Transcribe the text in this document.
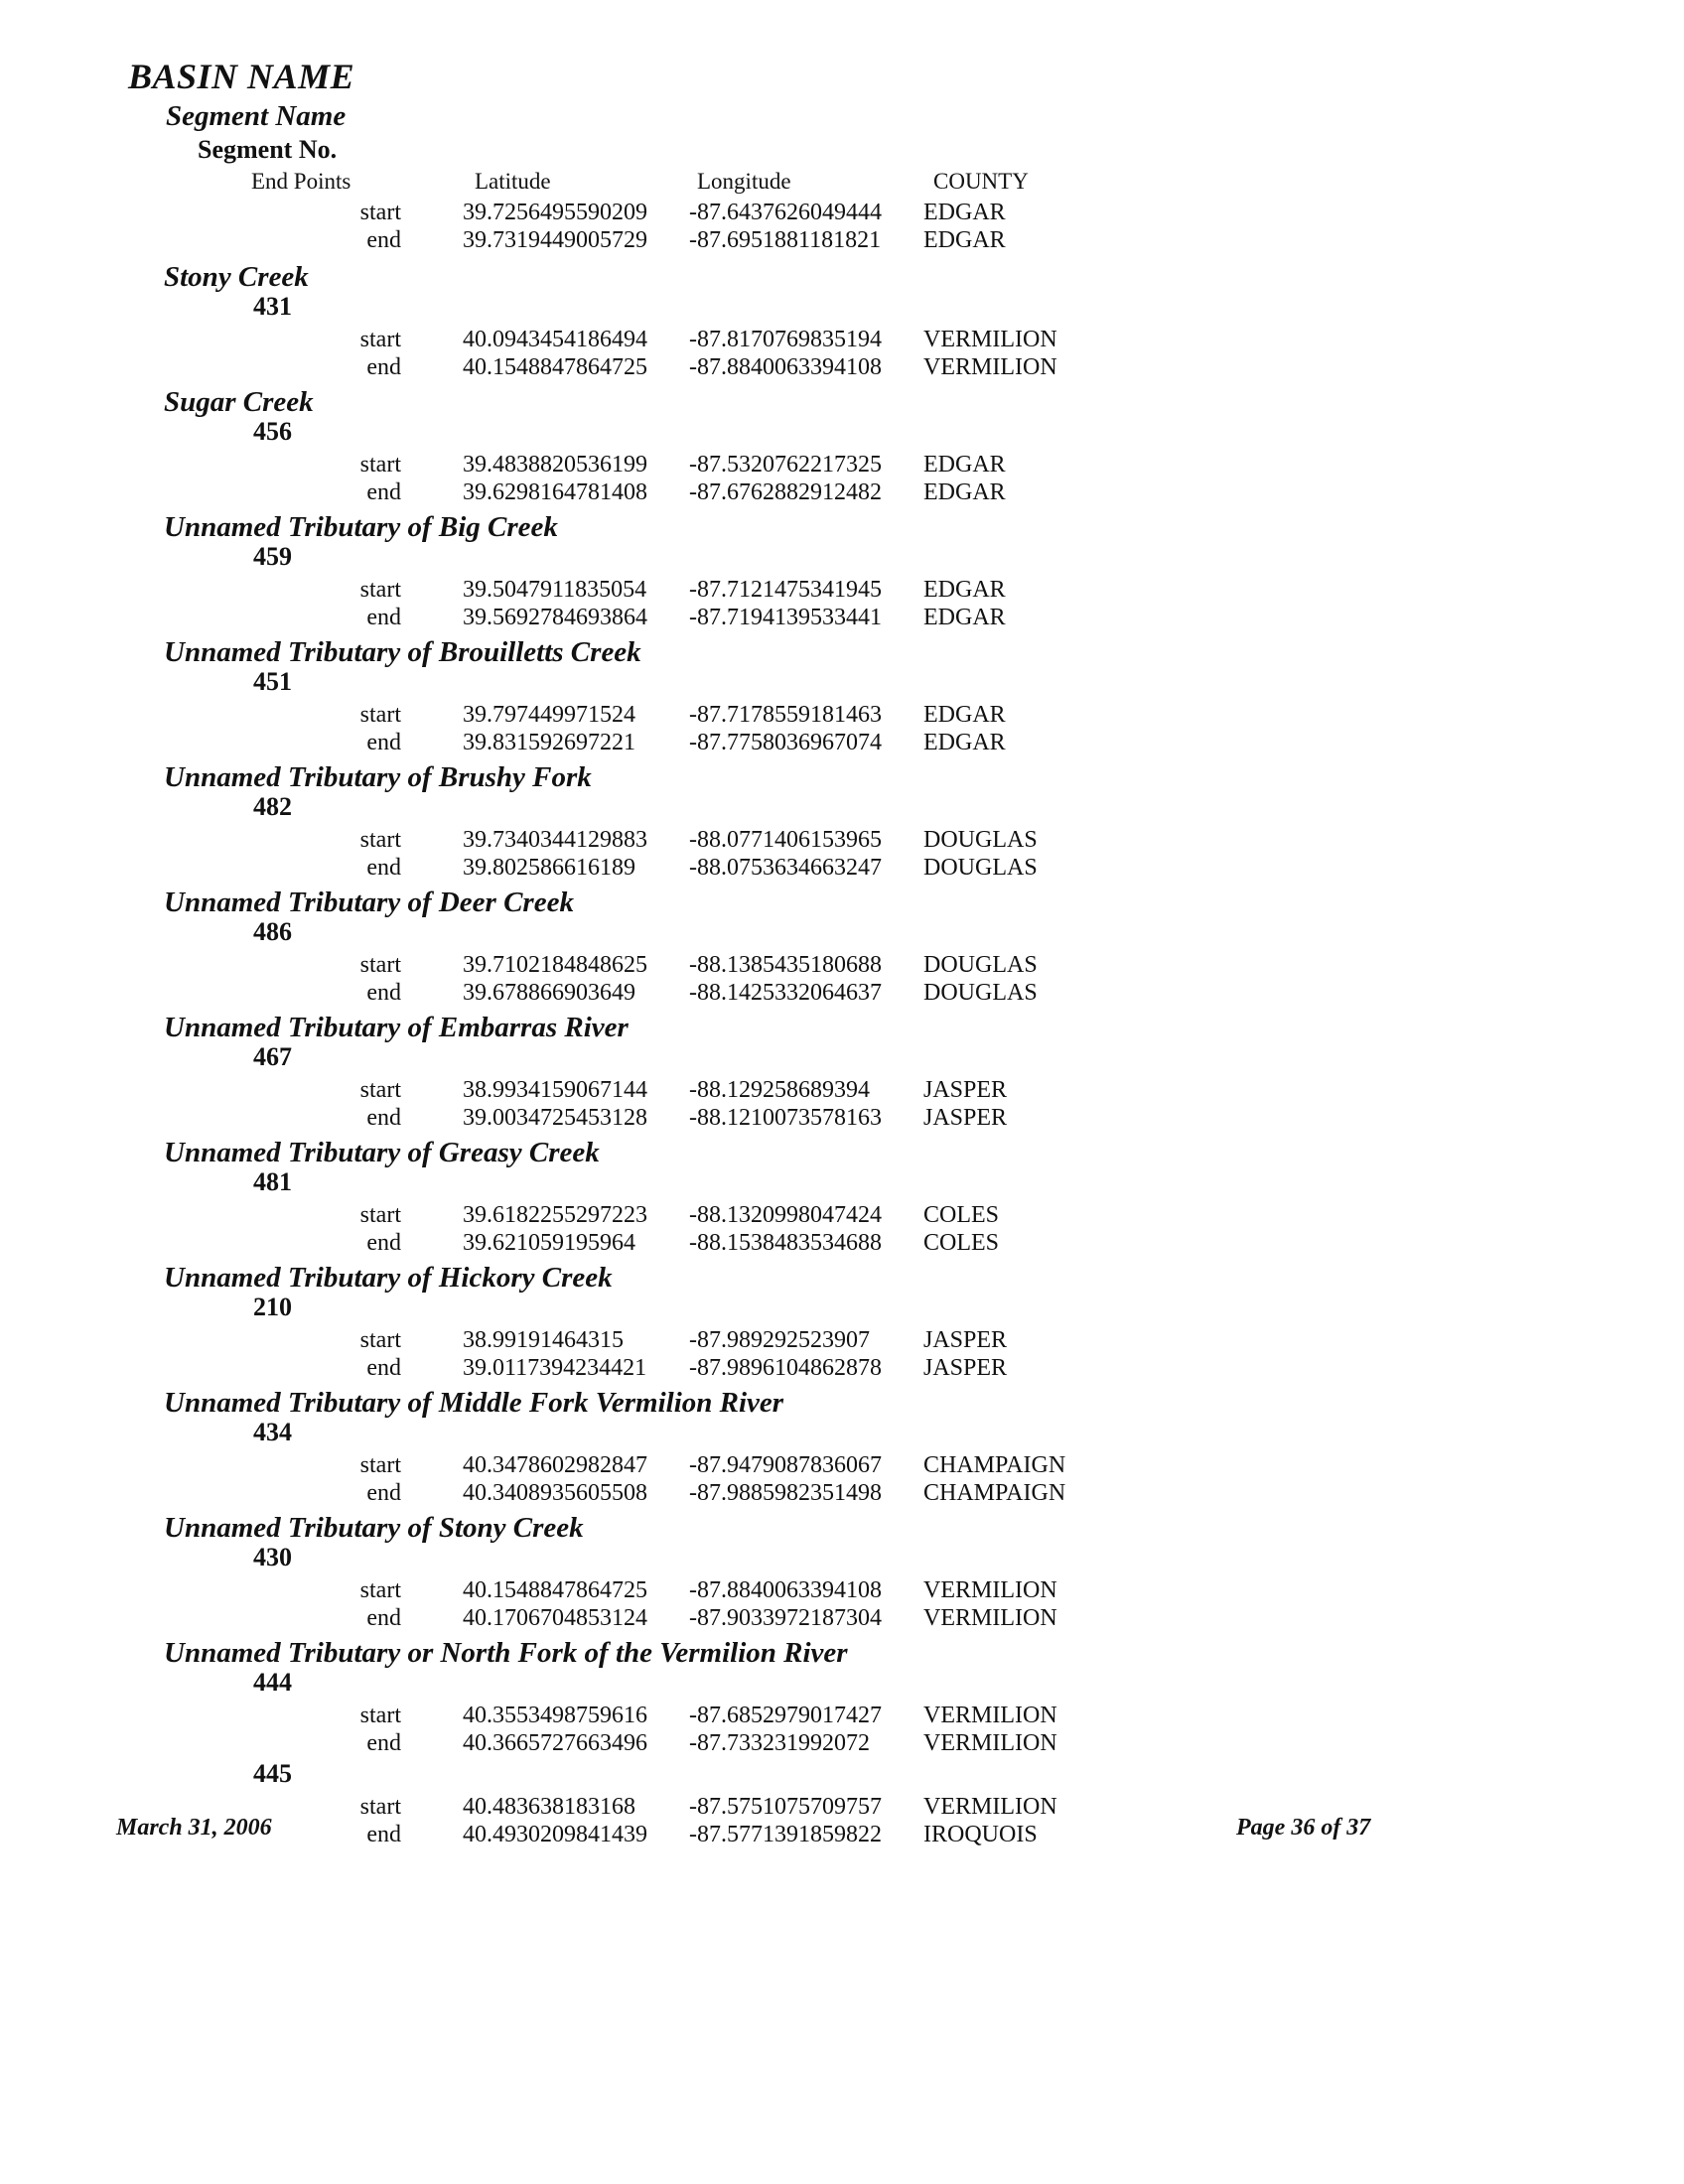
BASIN NAME
Segment Name
Segment No.
End Points	Latitude	Longitude	COUNTY
start	39.7256495590209 -87.6437626049444 EDGAR
end	39.7319449005729 -87.6951881181821 EDGAR
Stony Creek
431
start	40.0943454186494 -87.8170769835194 VERMILION
end	40.1548847864725 -87.8840063394108 VERMILION
Sugar Creek
456
start	39.4838820536199 -87.5320762217325 EDGAR
end	39.6298164781408 -87.6762882912482 EDGAR
Unnamed Tributary of Big Creek
459
start	39.5047911835054 -87.7121475341945 EDGAR
end	39.5692784693864 -87.7194139533441 EDGAR
Unnamed Tributary of Brouilletts Creek
451
start	39.797449971524 -87.7178559181463 EDGAR
end	39.831592697221 -87.7758036967074 EDGAR
Unnamed Tributary of Brushy Fork
482
start	39.7340344129883 -88.0771406153965 DOUGLAS
end	39.802586616189 -88.0753634663247 DOUGLAS
Unnamed Tributary of Deer Creek
486
start	39.7102184848625 -88.1385435180688 DOUGLAS
end	39.678866903649 -88.1425332064637 DOUGLAS
Unnamed Tributary of Embarras River
467
start	38.9934159067144 -88.129258689394 JASPER
end	39.0034725453128 -88.1210073578163 JASPER
Unnamed Tributary of Greasy Creek
481
start	39.6182255297223 -88.1320998047424 COLES
end	39.621059195964 -88.1538483534688 COLES
Unnamed Tributary of Hickory Creek
210
start	38.99191464315	-87.989292523907 JASPER
end	39.0117394234421 -87.9896104862878 JASPER
Unnamed Tributary of Middle Fork Vermilion River
434
start	40.3478602982847 -87.9479087836067 CHAMPAIGN
end	40.3408935605508 -87.9885982351498 CHAMPAIGN
Unnamed Tributary of Stony Creek
430
start	40.1548847864725 -87.8840063394108 VERMILION
end	40.1706704853124 -87.9033972187304 VERMILION
Unnamed Tributary or North Fork of the Vermilion River
444
start	40.3553498759616 -87.6852979017427 VERMILION
end	40.3665727663496 -87.733231992072 VERMILION
445
start	40.483638183168 -87.5751075709757 VERMILION
end	40.4930209841439 -87.5771391859822 IROQUOIS
March 31, 2006	Page 36 of 37
